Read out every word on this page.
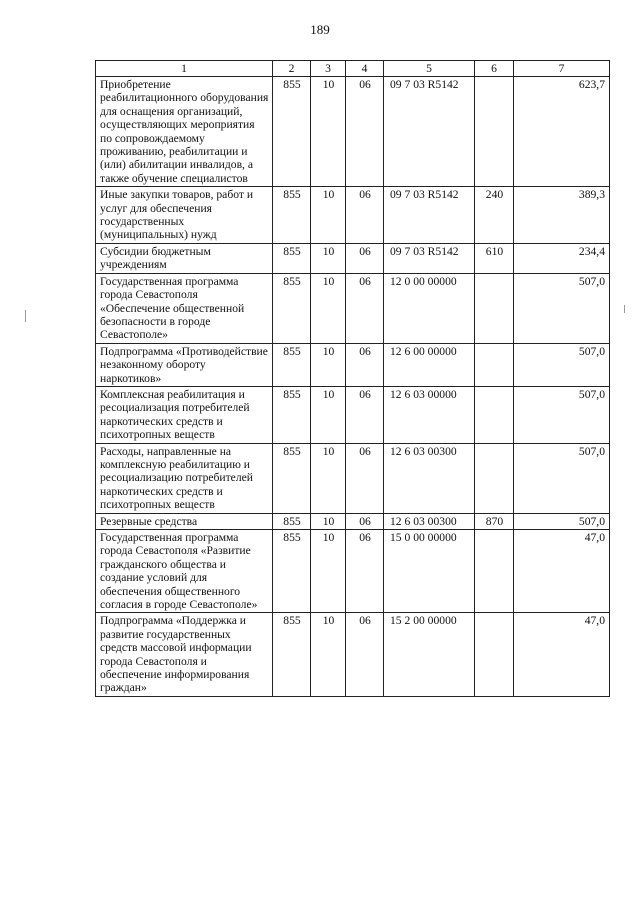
189
1	2	3	4	5	6	7
Приобретение реабилитационного оборудования для оснащения организаций, осуществляющих мероприятия по сопровождаемому проживанию, реабилитации и (или) абилитации инвалидов, а также обучение специалистов	855	10	06	09 7 03 R5142		623,7
Иные закупки товаров, работ и услуг для обеспечения государственных (муниципальных) нужд	855	10	06	09 7 03 R5142	240	389,3
Субсидии бюджетным учреждениям	855	10	06	09 7 03 R5142	610	234,4
Государственная программа города Севастополя «Обеспечение общественной безопасности в городе Севастополе»	855	10	06	12 0 00 00000		507,0
Подпрограмма «Противодействие незаконному обороту наркотиков»	855	10	06	12 6 00 00000		507,0
Комплексная реабилитация и ресоциализация потребителей наркотических средств и психотропных веществ	855	10	06	12 6 03 00000		507,0
Расходы, направленные на комплексную реабилитацию и ресоциализацию потребителей наркотических средств и психотропных веществ	855	10	06	12 6 03 00300		507,0
Резервные средства	855	10	06	12 6 03 00300	870	507,0
Государственная программа города Севастополя «Развитие гражданского общества и создание условий для обеспечения общественного согласия в городе Севастополе»	855	10	06	15 0 00 00000		47,0
Подпрограмма «Поддержка и развитие государственных средств массовой информации города Севастополя и обеспечение информирования граждан»	855	10	06	15 2 00 00000		47,0
